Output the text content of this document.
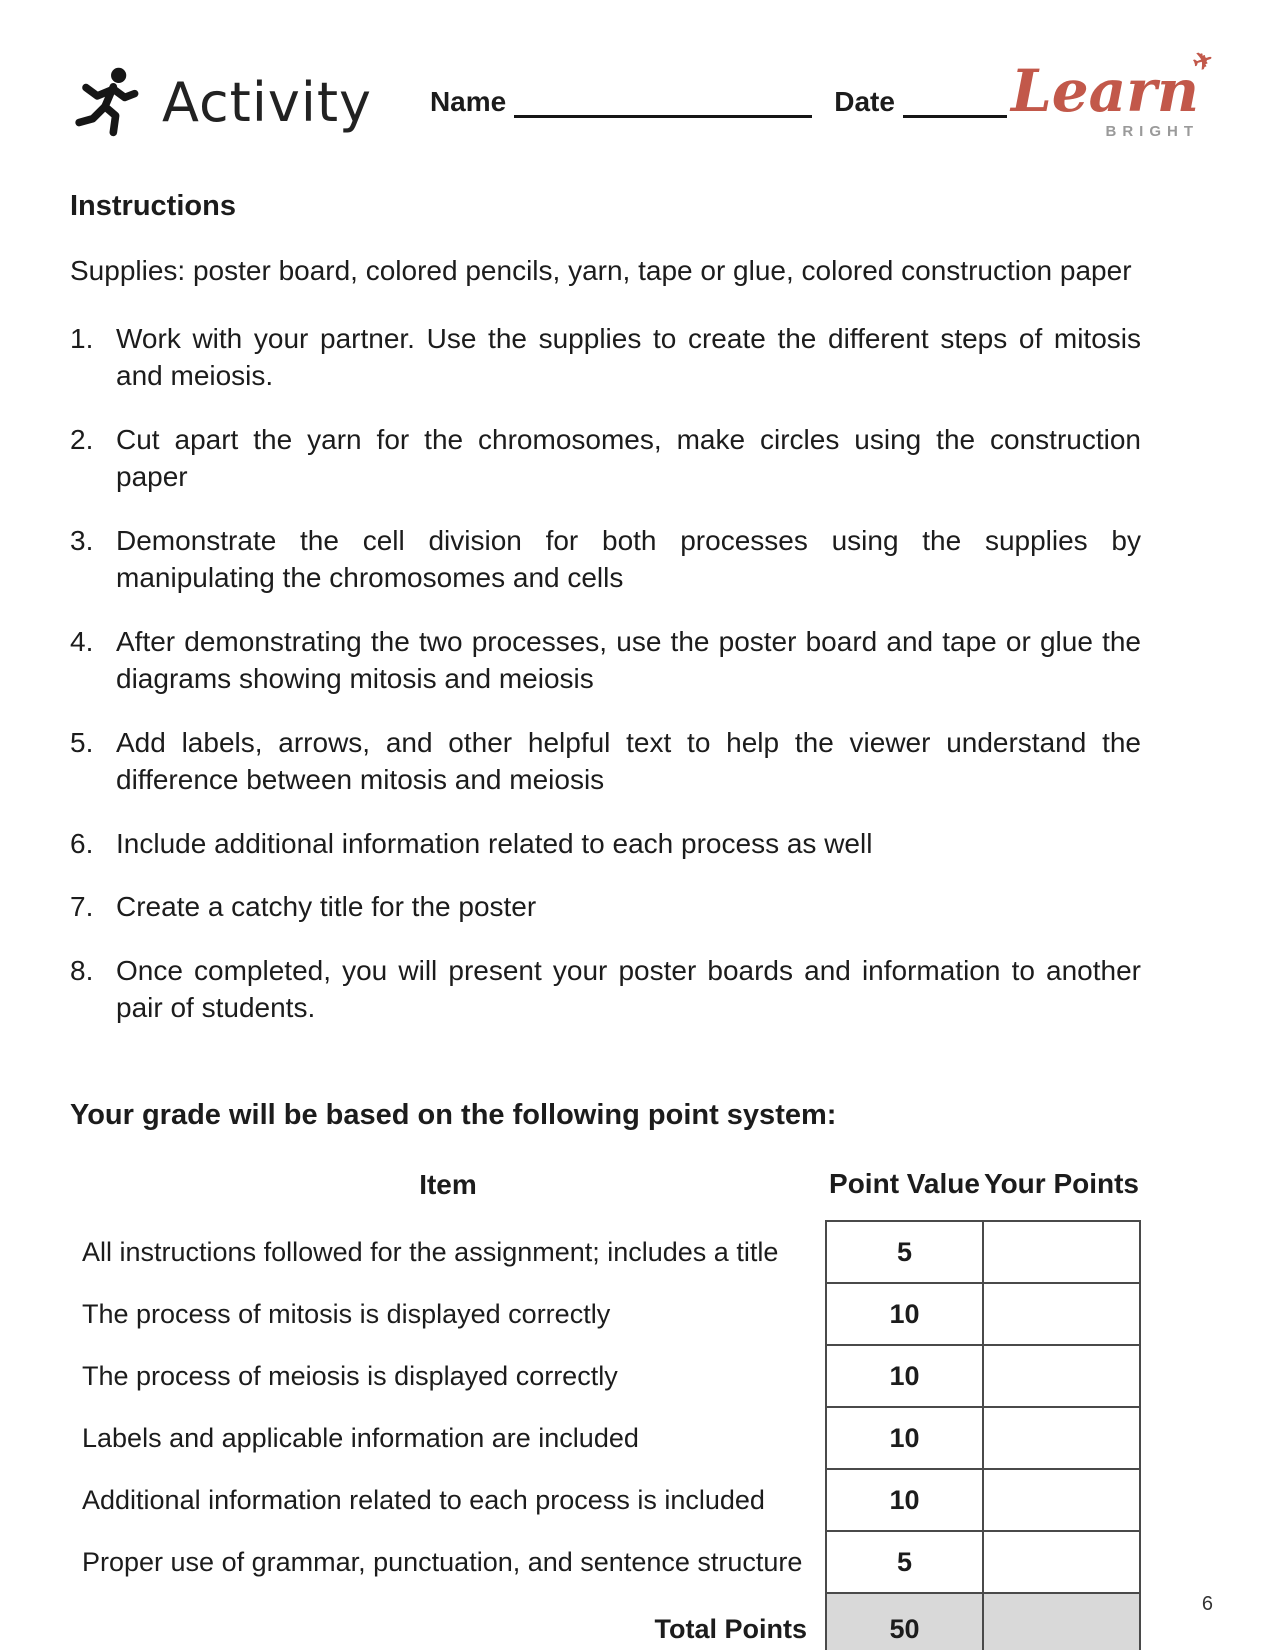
Activity Name	Date Learn
✈
BRIGHT
Instructions

Supplies: poster board, colored pencils, yarn, tape or glue, colored construction paper

1. Work with your partner. Use the supplies to create the different steps of mitosis and meiosis.
2. Cut apart the yarn for the chromosomes, make circles using the construction paper
3. Demonstrate the cell division for both processes using the supplies by manipulating the chromosomes and cells
4. After demonstrating the two processes, use the poster board and tape or glue the diagrams showing mitosis and meiosis
5. Add labels, arrows, and other helpful text to help the viewer understand the difference between mitosis and meiosis
6. Include additional information related to each process as well
7. Create a catchy title for the poster
8. Once completed, you will present your poster boards and information to another pair of students.
Your grade will be based on the following point system:
Item	Point Value	Your Points
All instructions followed for the assignment; includes a title	5	
The process of mitosis is displayed correctly	10	
The process of meiosis is displayed correctly	10	
Labels and applicable information are included	10	
Additional information related to each process is included	10	
Proper use of grammar, punctuation, and sentence structure	5	
Total Points	50	
6
